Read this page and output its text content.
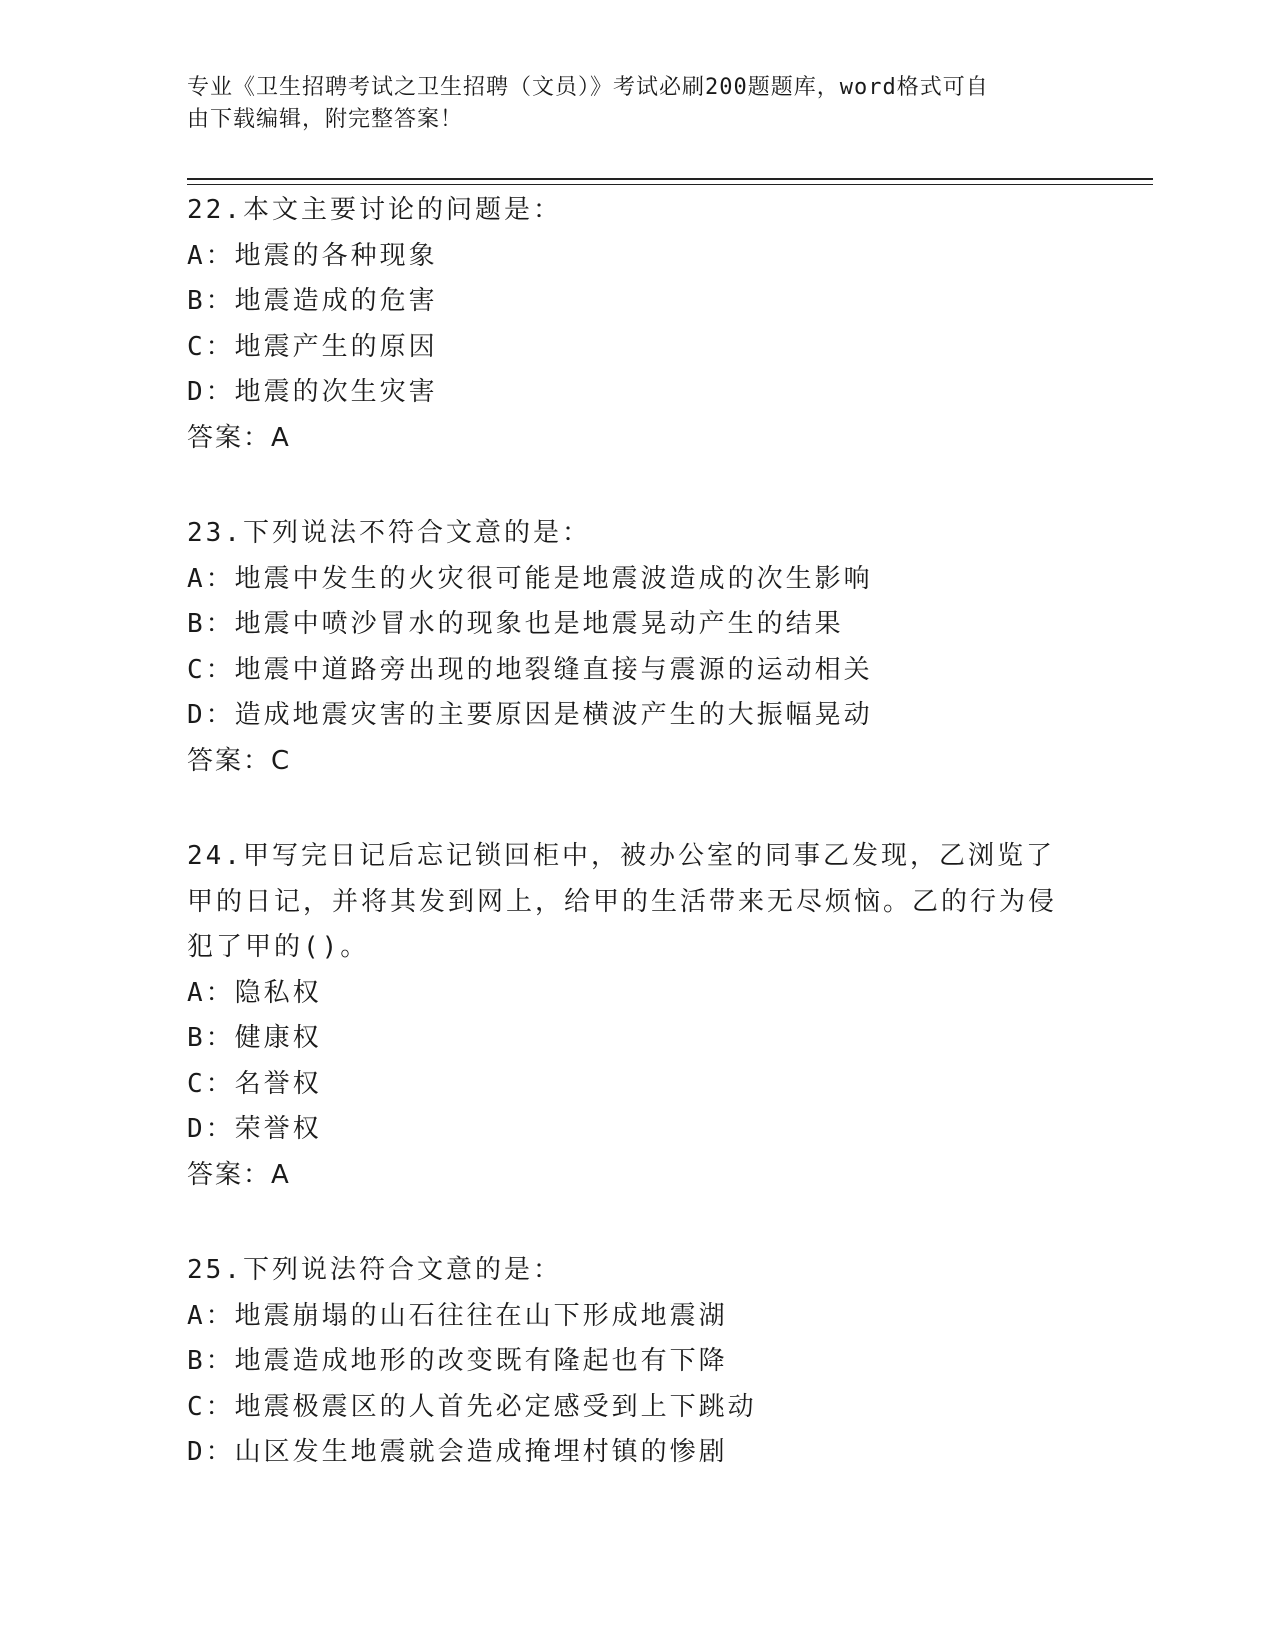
专业《卫生招聘考试之卫生招聘（文员）》考试必刷200题题库，word格式可自
由下载编辑，附完整答案！
22.本文主要讨论的问题是：
A： 地震的各种现象
B： 地震造成的危害
C： 地震产生的原因
D： 地震的次生灾害
答案：A
23.下列说法不符合文意的是：
A： 地震中发生的火灾很可能是地震波造成的次生影响
B： 地震中喷沙冒水的现象也是地震晃动产生的结果
C： 地震中道路旁出现的地裂缝直接与震源的运动相关
D： 造成地震灾害的主要原因是横波产生的大振幅晃动
答案：C
24.甲写完日记后忘记锁回柜中，被办公室的同事乙发现，乙浏览了甲的日记，并将其发到网上，给甲的生活带来无尽烦恼。乙的行为侵犯了甲的()。
A： 隐私权
B： 健康权
C： 名誉权
D： 荣誉权
答案：A
25.下列说法符合文意的是：
A： 地震崩塌的山石往往在山下形成地震湖
B： 地震造成地形的改变既有隆起也有下降
C： 地震极震区的人首先必定感受到上下跳动
D： 山区发生地震就会造成掩埋村镇的惨剧
